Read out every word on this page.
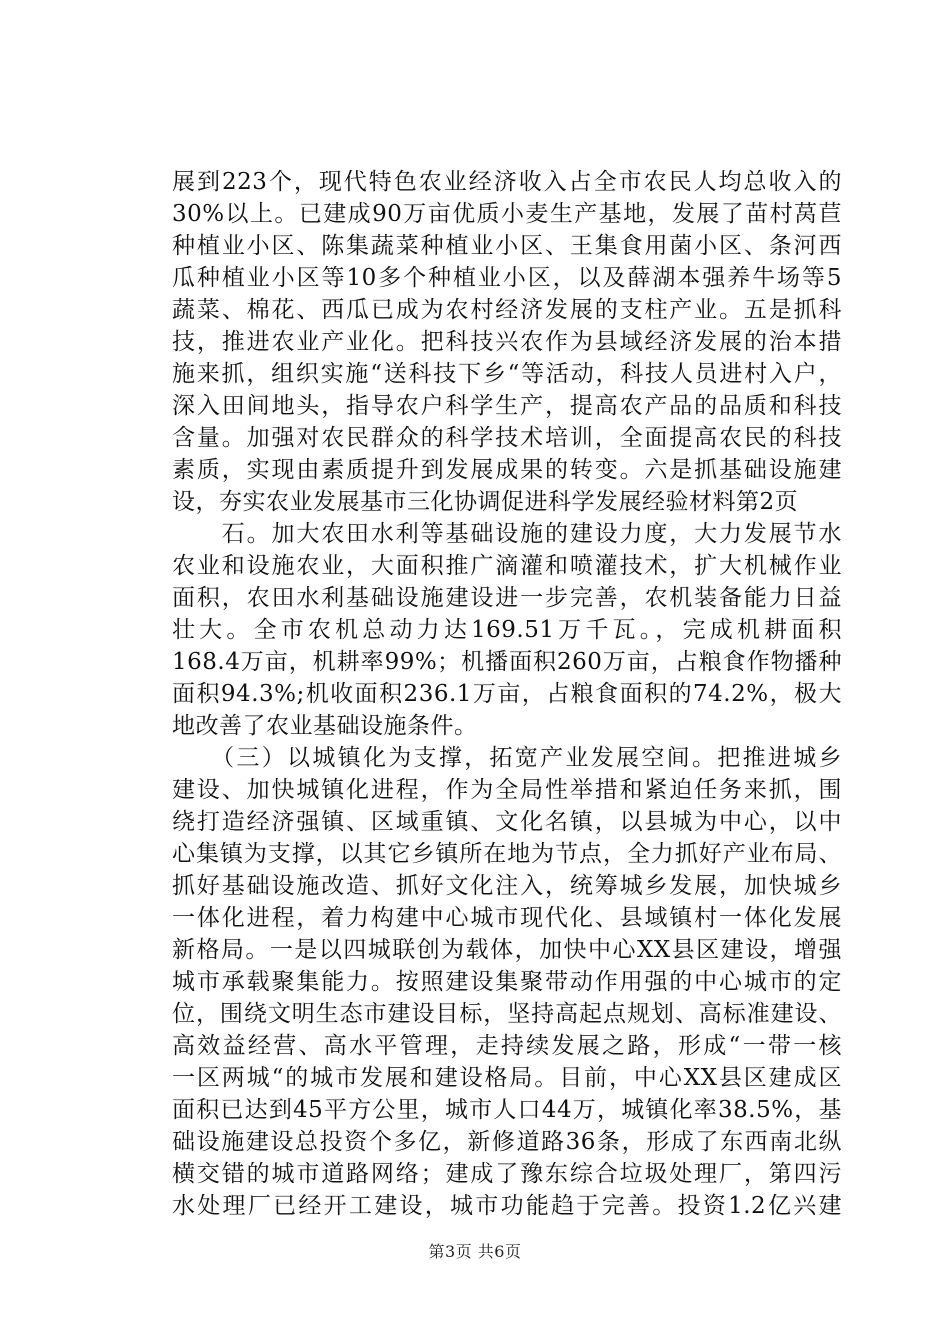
展到223个，现代特色农业经济收入占全市农民人均总收入的
30%以上。已建成90万亩优质小麦生产基地，发展了苗村莴苣
种植业小区、陈集蔬菜种植业小区、王集食用菌小区、条河西
瓜种植业小区等10多个种植业小区，以及薛湖本强养牛场等5
蔬菜、棉花、西瓜已成为农村经济发展的支柱产业。五是抓科
技，推进农业产业化。把科技兴农作为县域经济发展的治本措
施来抓，组织实施“送科技下乡“等活动，科技人员进村入户，
深入田间地头，指导农户科学生产，提高农产品的品质和科技
含量。加强对农民群众的科学技术培训，全面提高农民的科技
素质，实现由素质提升到发展成果的转变。六是抓基础设施建
设，夯实农业发展基市三化协调促进科学发展经验材料第2页
　　石。加大农田水利等基础设施的建设力度，大力发展节水
农业和设施农业，大面积推广滴灌和喷灌技术，扩大机械作业
面积，农田水利基础设施建设进一步完善，农机装备能力日益
壮大。全市农机总动力达169.51万千瓦。，完成机耕面积
168.4万亩，机耕率99%；机播面积260万亩，占粮食作物播种
面积94.3%;机收面积236.1万亩，占粮食面积的74.2%，极大
地改善了农业基础设施条件。
　　（三）以城镇化为支撑，拓宽产业发展空间。把推进城乡
建设、加快城镇化进程，作为全局性举措和紧迫任务来抓，围
绕打造经济强镇、区域重镇、文化名镇，以县城为中心，以中
心集镇为支撑，以其它乡镇所在地为节点，全力抓好产业布局、
抓好基础设施改造、抓好文化注入，统筹城乡发展，加快城乡
一体化进程，着力构建中心城市现代化、县域镇村一体化发展
新格局。一是以四城联创为载体，加快中心XX县区建设，增强
城市承载聚集能力。按照建设集聚带动作用强的中心城市的定
位，围绕文明生态市建设目标，坚持高起点规划、高标准建设、
高效益经营、高水平管理，走持续发展之路，形成“一带一核
一区两城“的城市发展和建设格局。目前，中心XX县区建成区
面积已达到45平方公里，城市人口44万，城镇化率38.5%，基
础设施建设总投资个多亿，新修道路36条，形成了东西南北纵
横交错的城市道路网络；建成了豫东综合垃圾处理厂，第四污
水处理厂已经开工建设，城市功能趋于完善。投资1.2亿兴建
第3页 共6页
